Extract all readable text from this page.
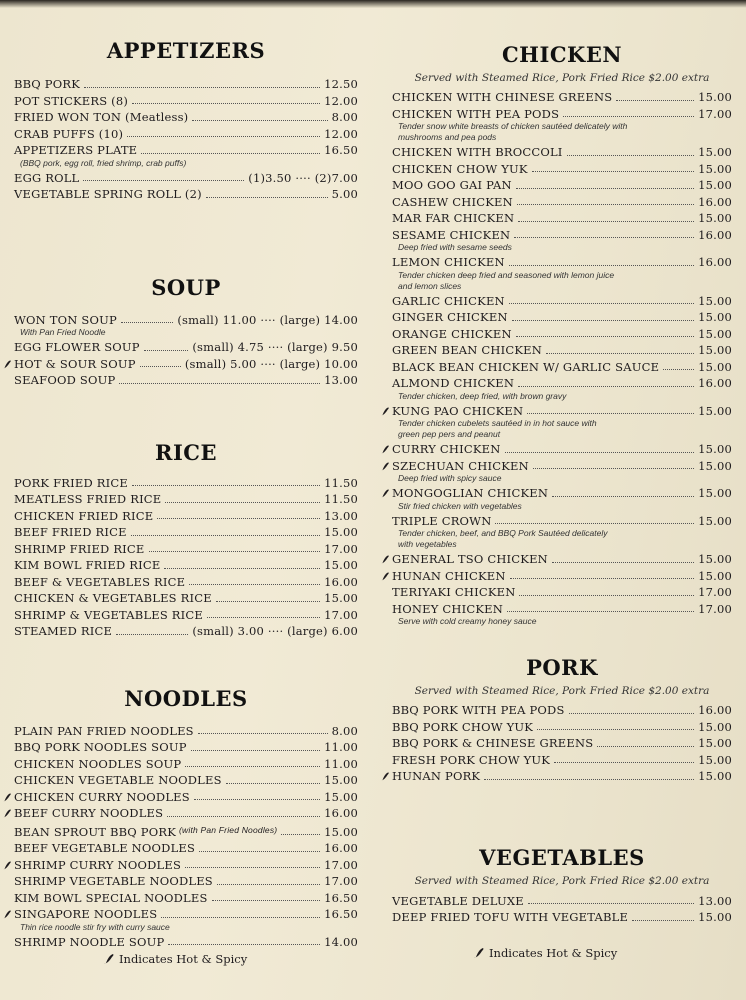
APPETIZERS
BBQ PORK	12.50
POT STICKERS (8)	12.00
FRIED WON TON (Meatless)	8.00
CRAB PUFFS (10)	12.00
APPETIZERS PLATE	16.50
(BBQ pork, egg roll, fried shrimp, crab puffs)
EGG ROLL	(1)3.50 ···· (2)7.00
VEGETABLE SPRING ROLL (2)	5.00
SOUP
WON TON SOUP	(small) 11.00 ···· (large) 14.00
With Pan Fried Noodle
EGG FLOWER SOUP	(small) 4.75 ···· (large) 9.50
HOT & SOUR SOUP	(small) 5.00 ···· (large) 10.00
SEAFOOD SOUP	13.00
RICE
PORK FRIED RICE	11.50
MEATLESS FRIED RICE	11.50
CHICKEN FRIED RICE	13.00
BEEF FRIED RICE	15.00
SHRIMP FRIED RICE	17.00
KIM BOWL FRIED RICE	15.00
BEEF & VEGETABLES RICE	16.00
CHICKEN & VEGETABLES RICE	15.00
SHRIMP & VEGETABLES RICE	17.00
STEAMED RICE	(small) 3.00 ···· (large) 6.00
NOODLES
PLAIN PAN FRIED NOODLES	8.00
BBQ PORK NOODLES SOUP	11.00
CHICKEN NOODLES SOUP	11.00
CHICKEN VEGETABLE NOODLES	15.00
CHICKEN CURRY NOODLES	15.00
BEEF CURRY NOODLES	16.00
BEAN SPROUT BBQ PORK (with Pan Fried Noodles)	15.00
BEEF VEGETABLE NOODLES	16.00
SHRIMP CURRY NOODLES	17.00
SHRIMP VEGETABLE NOODLES	17.00
KIM BOWL SPECIAL NOODLES	16.50
SINGAPORE NOODLES	16.50
Thin rice noodle stir fry with curry sauce
SHRIMP NOODLE SOUP	14.00
CHICKEN

Served with Steamed Rice, Pork Fried Rice $2.00 extra

CHICKEN WITH CHINESE GREENS	15.00
CHICKEN WITH PEA PODS	17.00
Tender snow white breasts of chicken sautéed delicately with
mushrooms and pea pods
CHICKEN WITH BROCCOLI	15.00
CHICKEN CHOW YUK	15.00
MOO GOO GAI PAN	15.00
CASHEW CHICKEN	16.00
MAR FAR CHICKEN	15.00
SESAME CHICKEN	16.00
Deep fried with sesame seeds
LEMON CHICKEN	16.00
Tender chicken deep fried and seasoned with lemon juice
and lemon slices
GARLIC CHICKEN	15.00
GINGER CHICKEN	15.00
ORANGE CHICKEN	15.00
GREEN BEAN CHICKEN	15.00
BLACK BEAN CHICKEN W/ GARLIC SAUCE	15.00
ALMOND CHICKEN	16.00
Tender chicken, deep fried, with brown gravy
KUNG PAO CHICKEN	15.00
Tender chicken cubelets sautéed in in hot sauce with
green pep pers and peanut
CURRY CHICKEN	15.00
SZECHUAN CHICKEN	15.00
Deep fried with spicy sauce
MONGOGLIAN CHICKEN	15.00
Stir fried chicken with vegetables
TRIPLE CROWN	15.00
Tender chicken, beef, and BBQ Pork Sautéed delicately
with vegetables
GENERAL TSO CHICKEN	15.00
HUNAN CHICKEN	15.00
TERIYAKI CHICKEN	17.00
HONEY CHICKEN	17.00
Serve with cold creamy honey sauce
PORK

Served with Steamed Rice, Pork Fried Rice $2.00 extra

BBQ PORK WITH PEA PODS	16.00
BBQ PORK CHOW YUK	15.00
BBQ PORK & CHINESE GREENS	15.00
FRESH PORK CHOW YUK	15.00
HUNAN PORK	15.00
VEGETABLES

Served with Steamed Rice, Pork Fried Rice $2.00 extra

VEGETABLE DELUXE	13.00
DEEP FRIED TOFU WITH VEGETABLE	15.00
Indicates Hot & Spicy	Indicates Hot & Spicy
